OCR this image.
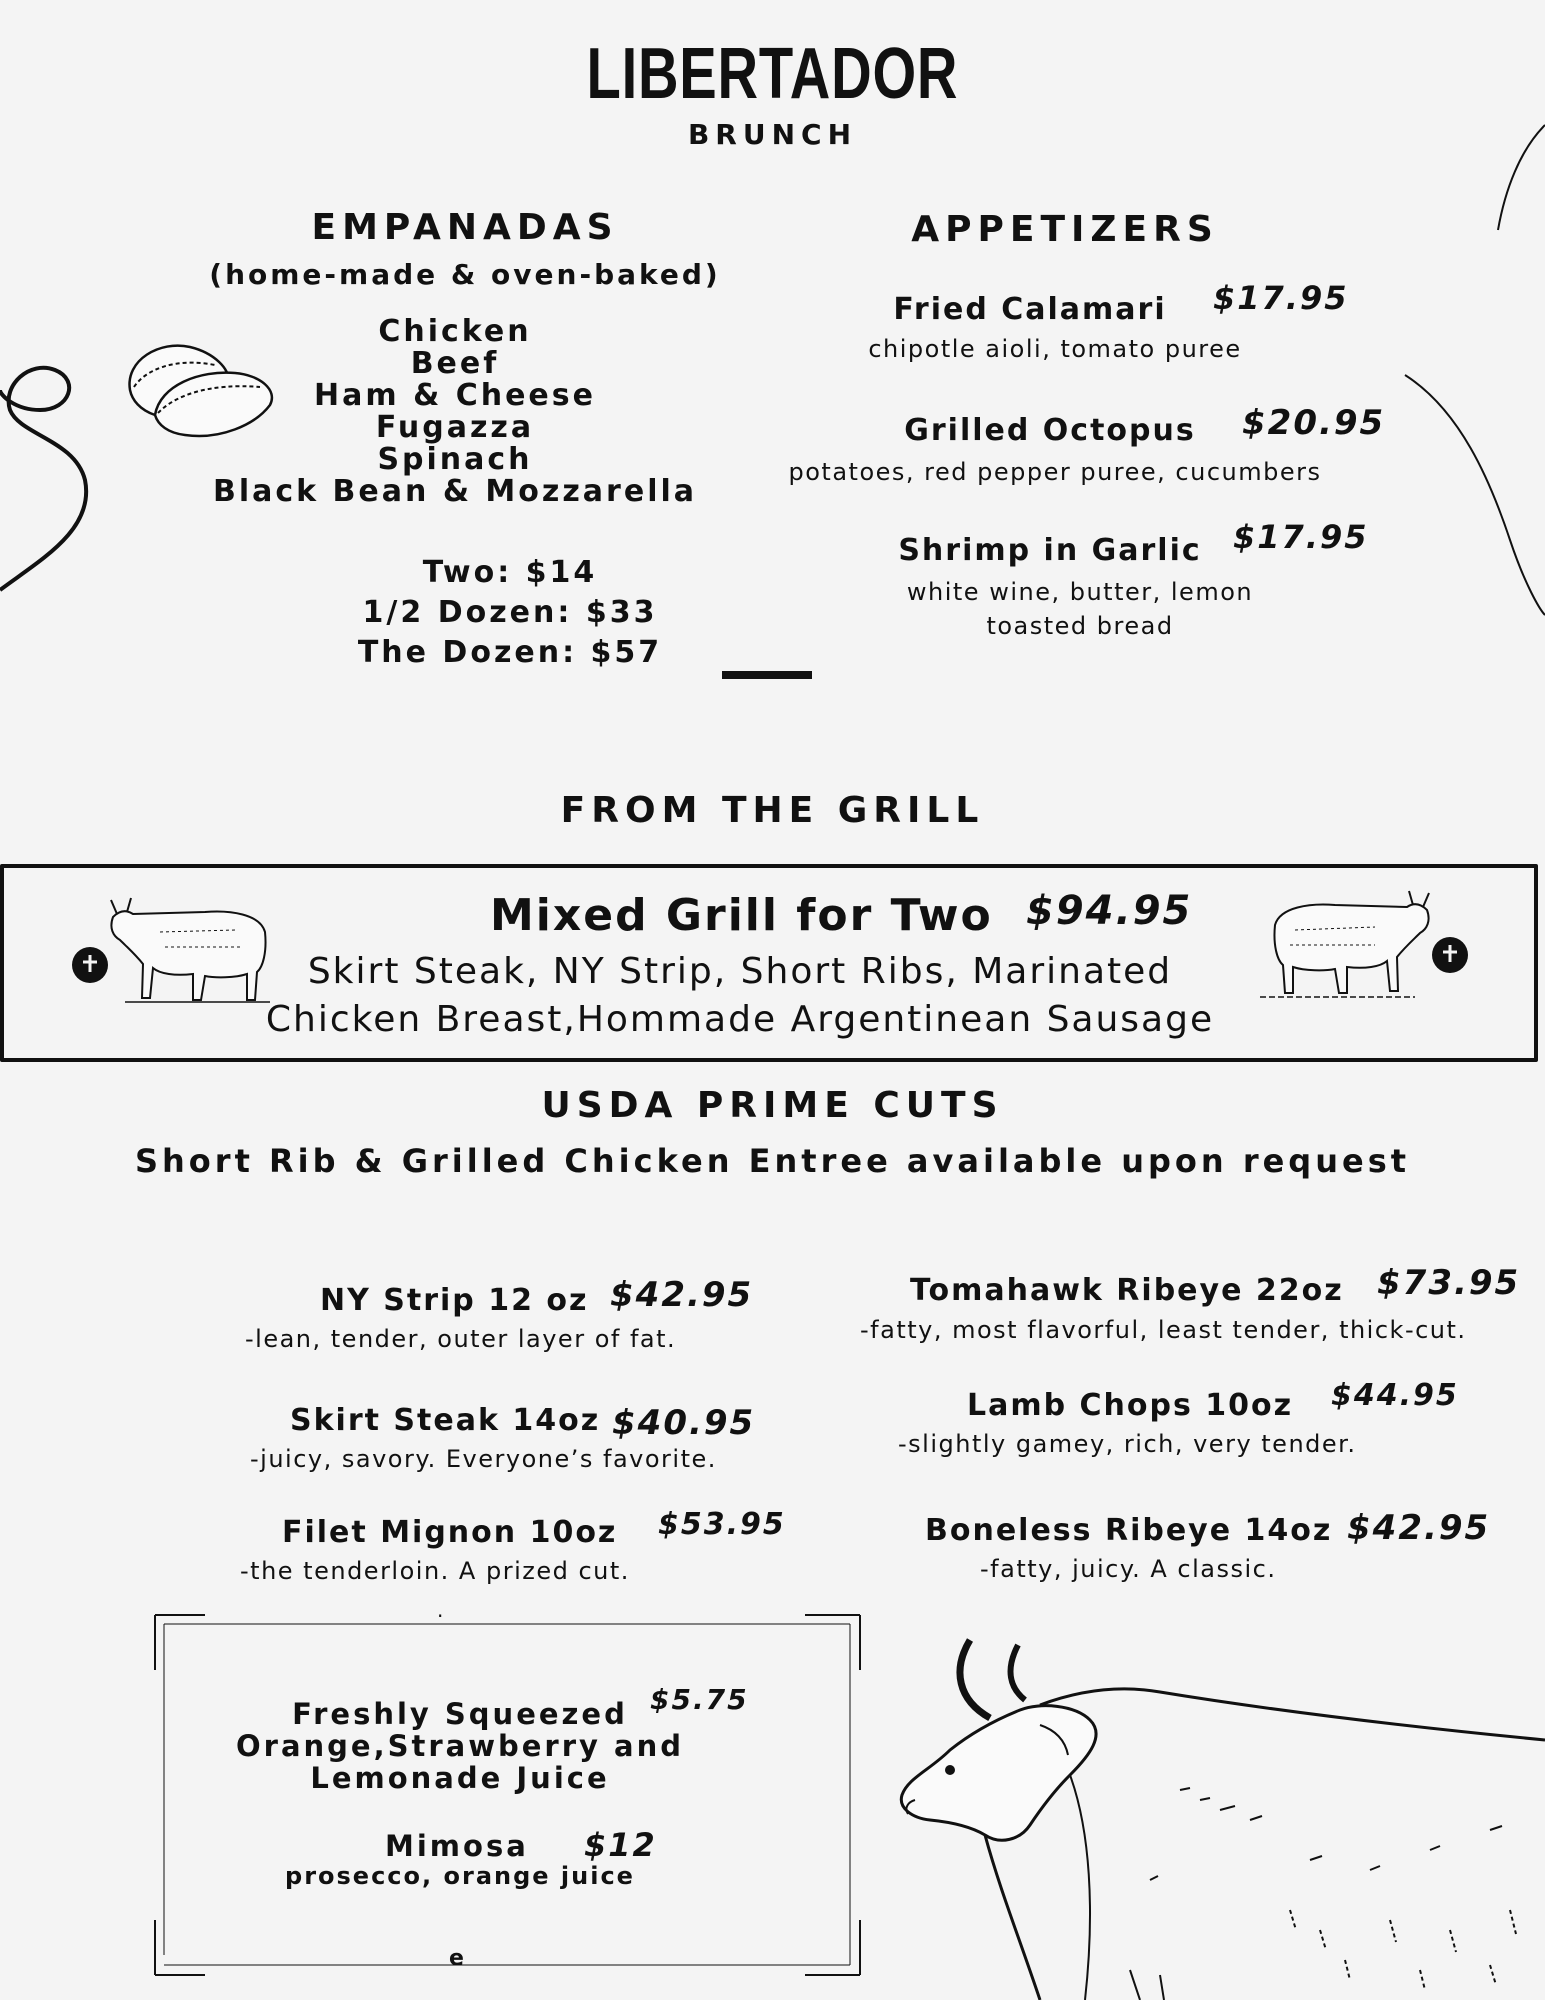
LIBERTADOR
BRUNCH
EMPANADAS
(home-made & oven-baked)
Chicken
Beef
Ham & Cheese
Fugazza
Spinach
Black Bean & Mozzarella
Two: $14
1/2 Dozen: $33
The Dozen: $57
APPETIZERS
Fried Calamari	$17.95
chipotle aioli, tomato puree
Grilled Octopus	$20.95
potatoes, red pepper puree, cucumbers
Shrimp in Garlic $17.95
white wine, butter, lemon
toasted bread
FROM THE GRILL
Mixed Grill for Two $94.95
Skirt Steak, NY Strip, Short Ribs, Marinated
Chicken Breast,Hommade Argentinean Sausage
USDA PRIME CUTS
Short Rib & Grilled Chicken Entree available upon request
NY Strip 12 oz $42.95
-lean, tender, outer layer of fat.
Skirt Steak 14oz $40.95
-juicy, savory. Everyone’s favorite.
Filet Mignon 10oz $53.95
-the tenderloin. A prized cut.
Tomahawk Ribeye 22oz $73.95
-fatty, most flavorful, least tender, thick-cut.
Lamb Chops 10oz $44.95
-slightly gamey, rich, very tender.
Boneless Ribeye 14oz $42.95
-fatty, juicy. A classic.
.
e
Freshly Squeezed
Orange,Strawberry and
Lemonade Juice
$5.75
Mimosa $12
prosecco, orange juice
